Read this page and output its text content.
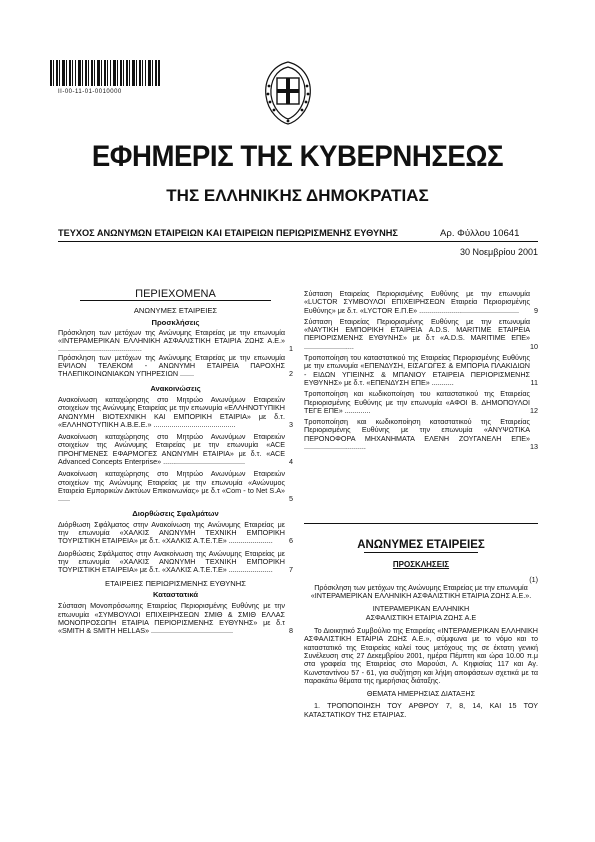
II-00-11-01-0010000
ΕΦΗΜΕΡΙΣ ΤΗΣ ΚΥΒΕΡΝΗΣΕΩΣ
ΤΗΣ ΕΛΛΗΝΙΚΗΣ ΔΗΜΟΚΡΑΤΙΑΣ
ΤΕΥΧΟΣ ΑΝΩΝΥΜΩΝ ΕΤΑΙΡΕΙΩΝ ΚΑΙ ΕΤΑΙΡΕΙΩΝ ΠΕΡΙΩΡΙΣΜΕΝΗΣ ΕΥΘΥΝΗΣ	Αρ. Φύλλου 10641
30 Νοεμβρίου 2001
ΠΕΡΙΕΧΟΜΕΝΑ
ΑΝΩΝΥΜΕΣ ΕΤΑΙΡΕΙΕΣ
Προσκλήσεις
Πρόσκληση των μετόχων της Ανώνυμης Εταιρείας με την επωνυμία «ΙΝΤΕΡΑΜΕΡΙΚΑΝ ΕΛΛΗΝΙΚΗ ΑΣΦΑΛΙΣΤΙΚΗ ΕΤΑΙΡΙΑ ΖΩΗΣ Α.Ε.» ..........................................	1
Πρόσκληση των μετόχων της Ανώνυμης Εταιρείας με την επωνυμία ΕΨΙΛΟΝ ΤΕΛΕΚΟΜ - ΑΝΩΝΥΜΗ ΕΤΑΙΡΕΙΑ ΠΑΡΟΧΗΣ ΤΗΛΕΠΙΚΟΙΝΩΝΙΑΚΩΝ ΥΠΗΡΕΣΙΩΝ .......	2
Ανακοινώσεις
Ανακοίνωση καταχώρησης στο Μητρώο Ανωνύμων Εταιρειών στοιχείων της Ανώνυμης Εταιρείας με την επωνυμία «ΕΛΛΗΝΟΤΥΠΙΚΗ ΑΝΩΝΥΜΗ ΒΙΟΤΕΧΝΙΚΗ ΚΑΙ ΕΜΠΟΡΙΚΗ ΕΤΑΙΡΙΑ» με δ.τ. «ΕΛΛΗΝΟΤΥΠΙΚΗ Α.Β.Ε.Ε.» .........................................	3
Ανακοίνωση καταχώρησης στο Μητρώο Ανωνύμων Εταιρειών στοιχείων της Ανώνυμης Εταιρείας με την επωνυμία «ACE ΠΡΟΗΓΜΕΝΕΣ ΕΦΑΡΜΟΓΕΣ ΑΝΩΝΥΜΗ ΕΤΑΙΡΙΑ» με δ.τ. «ACE Advanced Concepts Enterprise» .........................................	4
Ανακοίνωση καταχώρησης στο Μητρώο Ανωνύμων Εταιρειών στοιχείων της Ανώνυμης Εταιρείας με την επωνυμία «Ανώνυμος Εταιρεία Εμπορικών Δικτύων Επικοινωνίας» με δ.τ «Com - to Net S.A» ......	5
Διορθώσεις Σφαλμάτων
Διόρθωση Σφάλματος στην Ανακοίνωση της Ανώνυμης Εταιρείας με την επωνυμία «ΧΑΛΚΙΣ ΑΝΩΝΥΜΗ ΤΕΧΝΙΚΗ ΕΜΠΟΡΙΚΗ ΤΟΥΡΙΣΤΙΚΗ ΕΤΑΙΡΕΙΑ» με δ.τ. «ΧΑΛΚΙΣ Α.Τ.Ε.Τ.Ε» ...................... 6
Διορθώσεις Σφάλματος στην Ανακοίνωση της Ανώνυμης Εταιρείας με την επωνυμία «ΧΑΛΚΙΣ ΑΝΩΝΥΜΗ ΤΕΧΝΙΚΗ ΕΜΠΟΡΙΚΗ ΤΟΥΡΙΣΤΙΚΗ ΕΤΑΙΡΕΙΑ» με δ.τ. «ΧΑΛΚΙΣ Α.Τ.Ε.Τ.Ε» ...................... 7
ΕΤΑΙΡΕΙΕΣ ΠΕΡΙΩΡΙΣΜΕΝΗΣ ΕΥΘΥΝΗΣ
Καταστατικά
Σύσταση Μονοπρόσωπης Εταιρείας Περιορισμένης Ευθύνης με την επωνυμία «ΣΥΜΒΟΥΛΟΙ ΕΠΙΧΕΙΡΗΣΕΩΝ ΣΜΙΘ & ΣΜΙΘ ΕΛΛΑΣ ΜΟΝΟΠΡΟΣΩΠΗ ΕΤΑΙΡΙΑ ΠΕΡΙΟΡΙΣΜΕΝΗΣ ΕΥΘΥΝΗΣ» με δ.τ «SMITH & SMITH HELLAS» .........................................	8
Σύσταση Εταιρείας Περιορισμένης Ευθύνης με την επωνυμία «LUCTOR ΣΥΜΒΟΥΛΟΙ ΕΠΙΧΕΙΡΗΣΕΩΝ Εταιρεία Περιορισμένης Ευθύνης» με δ.τ. «LYCTOR Ε.Π.Ε» .................................................. 9
Σύσταση Εταιρείας Περιορισμένης Ευθύνης με την επωνυμία «ΝΑΥΤΙΚΗ ΕΜΠΟΡΙΚΗ ΕΤΑΙΡΕΙΑ A.D.S. MARITIME ΕΤΑΙΡΕΙΑ ΠΕΡΙΟΡΙΣΜΕΝΗΣ ΕΥΘΥΝΗΣ» με δ.τ «A.D.S. MARITIME ΕΠΕ» .........................	10
Τροποποίηση του καταστατικού της Εταιρείας Περιορισμένης Ευθύνης με την επωνυμία «ΕΠΕΝΔΥΣΗ, ΕΙΣΑΓΩΓΕΣ & ΕΜΠΟΡΙΑ ΠΛΑΚΙΔΙΩΝ - ΕΙΔΩΝ ΥΓΙΕΙΝΗΣ & ΜΠΑΝΙΟΥ ΕΤΑΙΡΕΙΑ ΠΕΡΙΟΡΙΣΜΕΝΗΣ ΕΥΘΥΝΗΣ» με δ.τ. «ΕΠΕΝΔΥΣΗ ΕΠΕ» ...........	11
Τροποποίηση και κωδικοποίηση του καταστατικού της Εταιρείας Περιορισμένης Ευθύνης με την επωνυμία «ΑΦΟΙ Β. ΔΗΜΟΠΟΥΛΟΙ ΤΕΓΕ ΕΠΕ» .............	12
Τροποποίηση και κωδικοποίηση καταστατικού της Εταιρείας Περιορισμένης Ευθύνης με την επωνυμία «ΑΝΥΨΩΤΙΚΑ ΠΕΡΟΝΟΦΟΡΑ ΜΗΧΑΝΗΜΑΤΑ ΕΛΕΝΗ ΖΟΥΓΑΝΕΛΗ ΕΠΕ» ...............................	13
ΑΝΩΝΥΜΕΣ ΕΤΑΙΡΕΙΕΣ
ΠΡΟΣΚΛΗΣΕΙΣ
(1)
Πρόσκληση των μετόχων της Ανώνυμης Εταιρείας με την επωνυμία «ΙΝΤΕΡΑΜΕΡΙΚΑΝ ΕΛΛΗΝΙΚΗ ΑΣΦΑΛΙΣΤΙΚΗ ΕΤΑΙΡΙΑ ΖΩΗΣ Α.Ε.».
ΙΝΤΕΡΑΜΕΡΙΚΑΝ ΕΛΛΗΝΙΚΗ
ΑΣΦΑΛΙΣΤΙΚΗ ΕΤΑΙΡΙΑ ΖΩΗΣ Α.Ε
Το Διοικητικό Συμβούλιο της Εταιρείας «ΙΝΤΕΡΑΜΕΡΙΚΑΝ ΕΛΛΗΝΙΚΗ ΑΣΦΑΛΙΣΤΙΚΗ ΕΤΑΙΡΙΑ ΖΩΗΣ Α.Ε.», σύμφωνα με το νόμο και το καταστατικό της Εταιρείας καλεί τους μετόχους της σε έκτατη γενική Συνέλευση στις 27 Δεκεμβρίου 2001, ημέρα Πέμπτη και ώρα 10.00 π.μ στα γραφεία της Εταιρείας στο Μαρούσι, Λ. Κηφισίας 117 και Αγ. Κωνσταντίνου 57 - 61, για συζήτηση και λήψη αποφάσεων σχετικά με τα παρακάτω θέματα της ημερήσιας διάταξης.
ΘΕΜΑΤΑ ΗΜΕΡΗΣΙΑΣ ΔΙΑΤΑΞΗΣ
1. ΤΡΟΠΟΠΟΙΗΣΗ ΤΟΥ ΑΡΘΡΟΥ 7, 8, 14, ΚΑΙ 15 ΤΟΥ ΚΑΤΑΣΤΑΤΙΚΟΥ ΤΗΣ ΕΤΑΙΡΙΑΣ.
